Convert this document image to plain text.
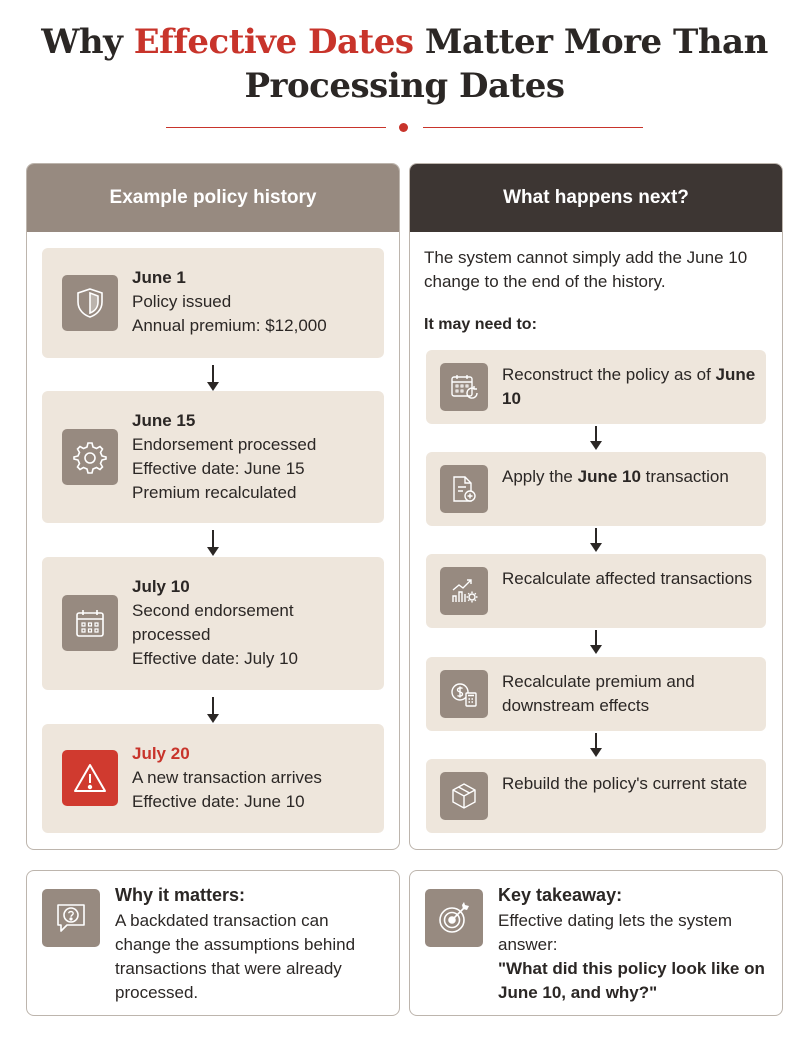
Why Effective Dates Matter More Than
Processing Dates
Example policy history
June 1
Policy issued
Annual premium: $12,000
June 15
Endorsement processed
Effective date: June 15
Premium recalculated
July 10
Second endorsement
processed
Effective date: July 10
July 20
A new transaction arrives
Effective date: June 10
What happens next?
The system cannot simply add the June 10 change to the end of the history.
It may need to:
Reconstruct the policy as of June 10
Apply the June 10 transaction
Recalculate affected transactions
Recalculate premium and downstream effects
Rebuild the policy's current state
Why it matters:
A backdated transaction can change the assumptions behind transactions that were already processed.
Key takeaway:
Effective dating lets the system answer:
"What did this policy look like on June 10, and why?"
